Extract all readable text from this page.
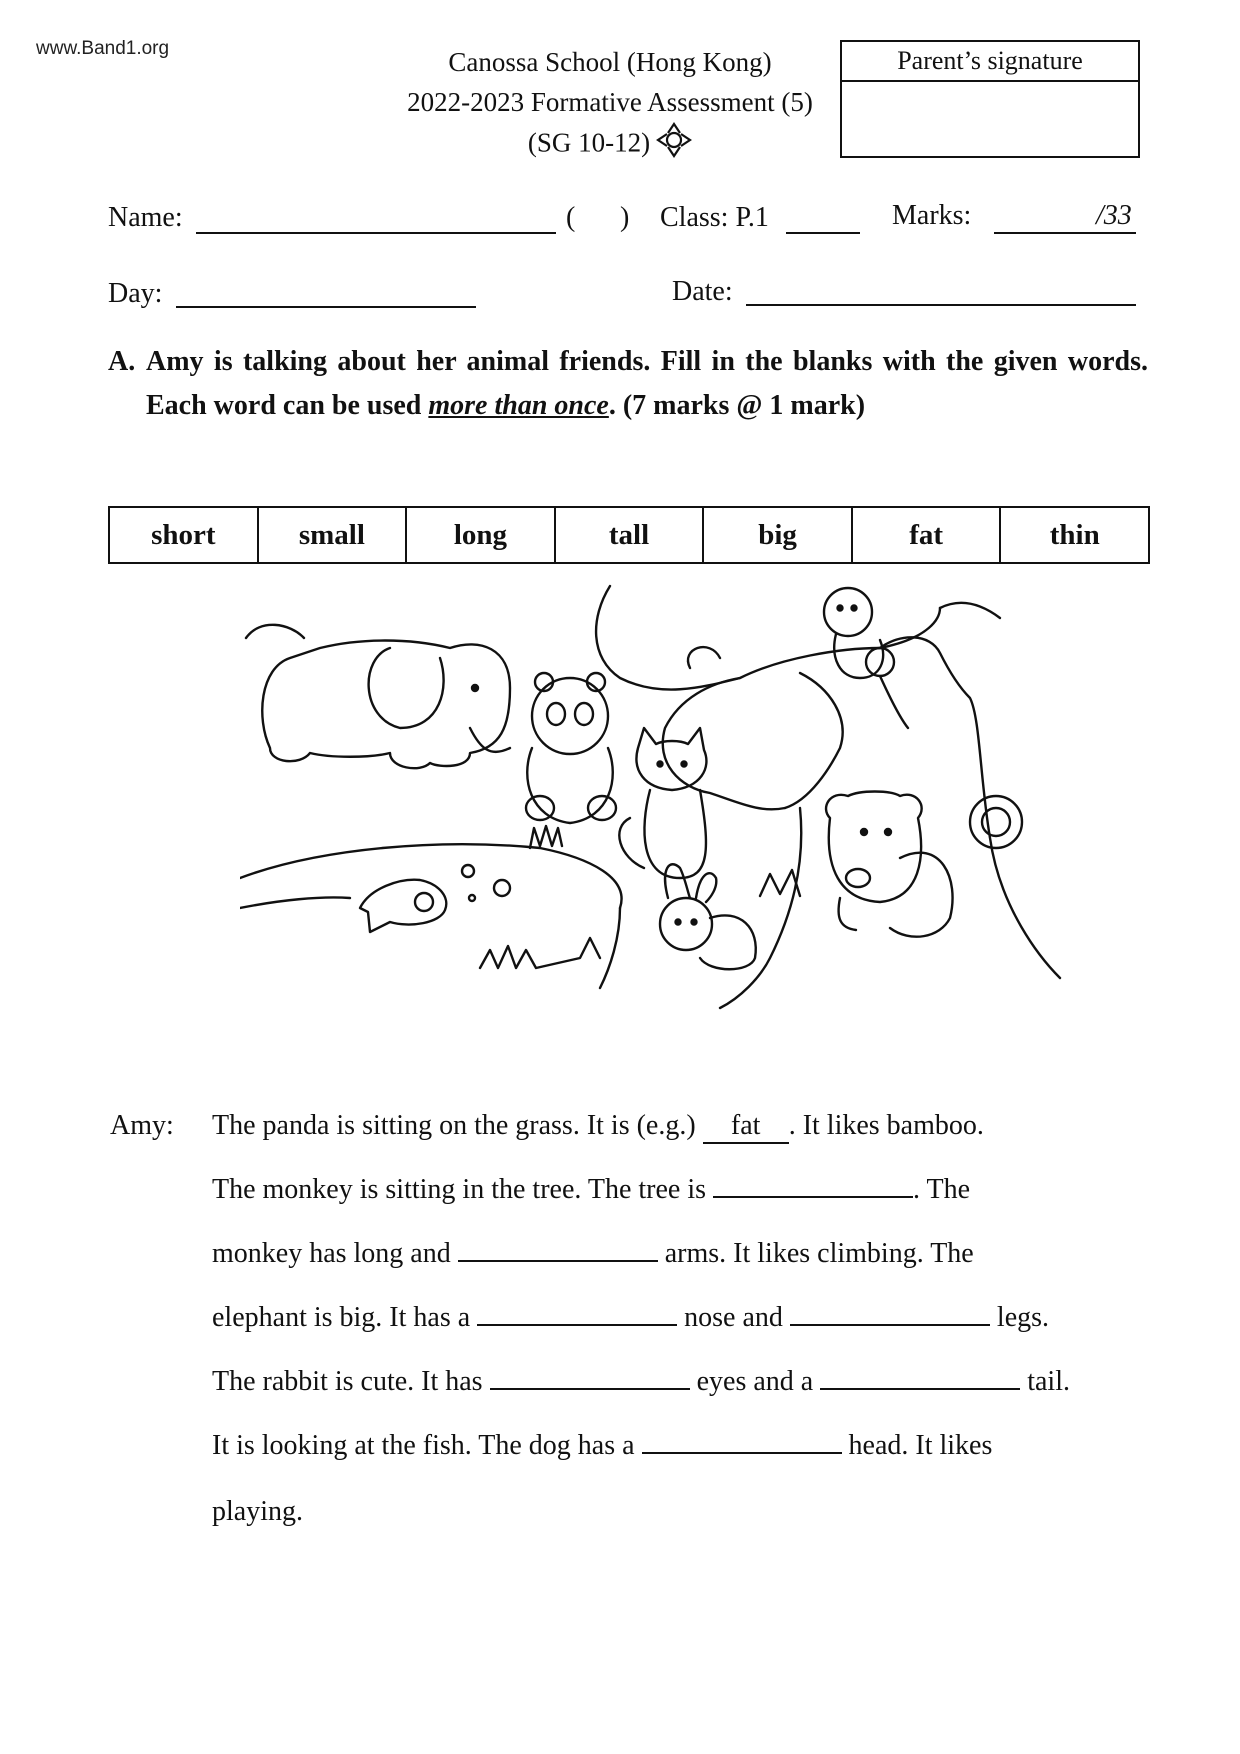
www.Band1.org	Canossa School (Hong Kong)
2022-2023 Formative Assessment (5)
(SG 10-12)
Parent’s signature
Name:	( ) Class: P.1	Marks:	/33
Day:	Date:
A. Amy is talking about her animal friends. Fill in the blanks with the given words. Each word can be used more than once. (7 marks @ 1 mark)
short	small	long	tall	big	fat	thin
Amy: The panda is sitting on the grass. It is (e.g.) fat . It likes bamboo.
The monkey is sitting in the tree. The tree is	. The
monkey has long and	arms. It likes climbing. The
elephant is big. It has a	nose and	legs.
The rabbit is cute. It has	eyes and a	tail.
It is looking at the fish. The dog has a	head. It likes
playing.
